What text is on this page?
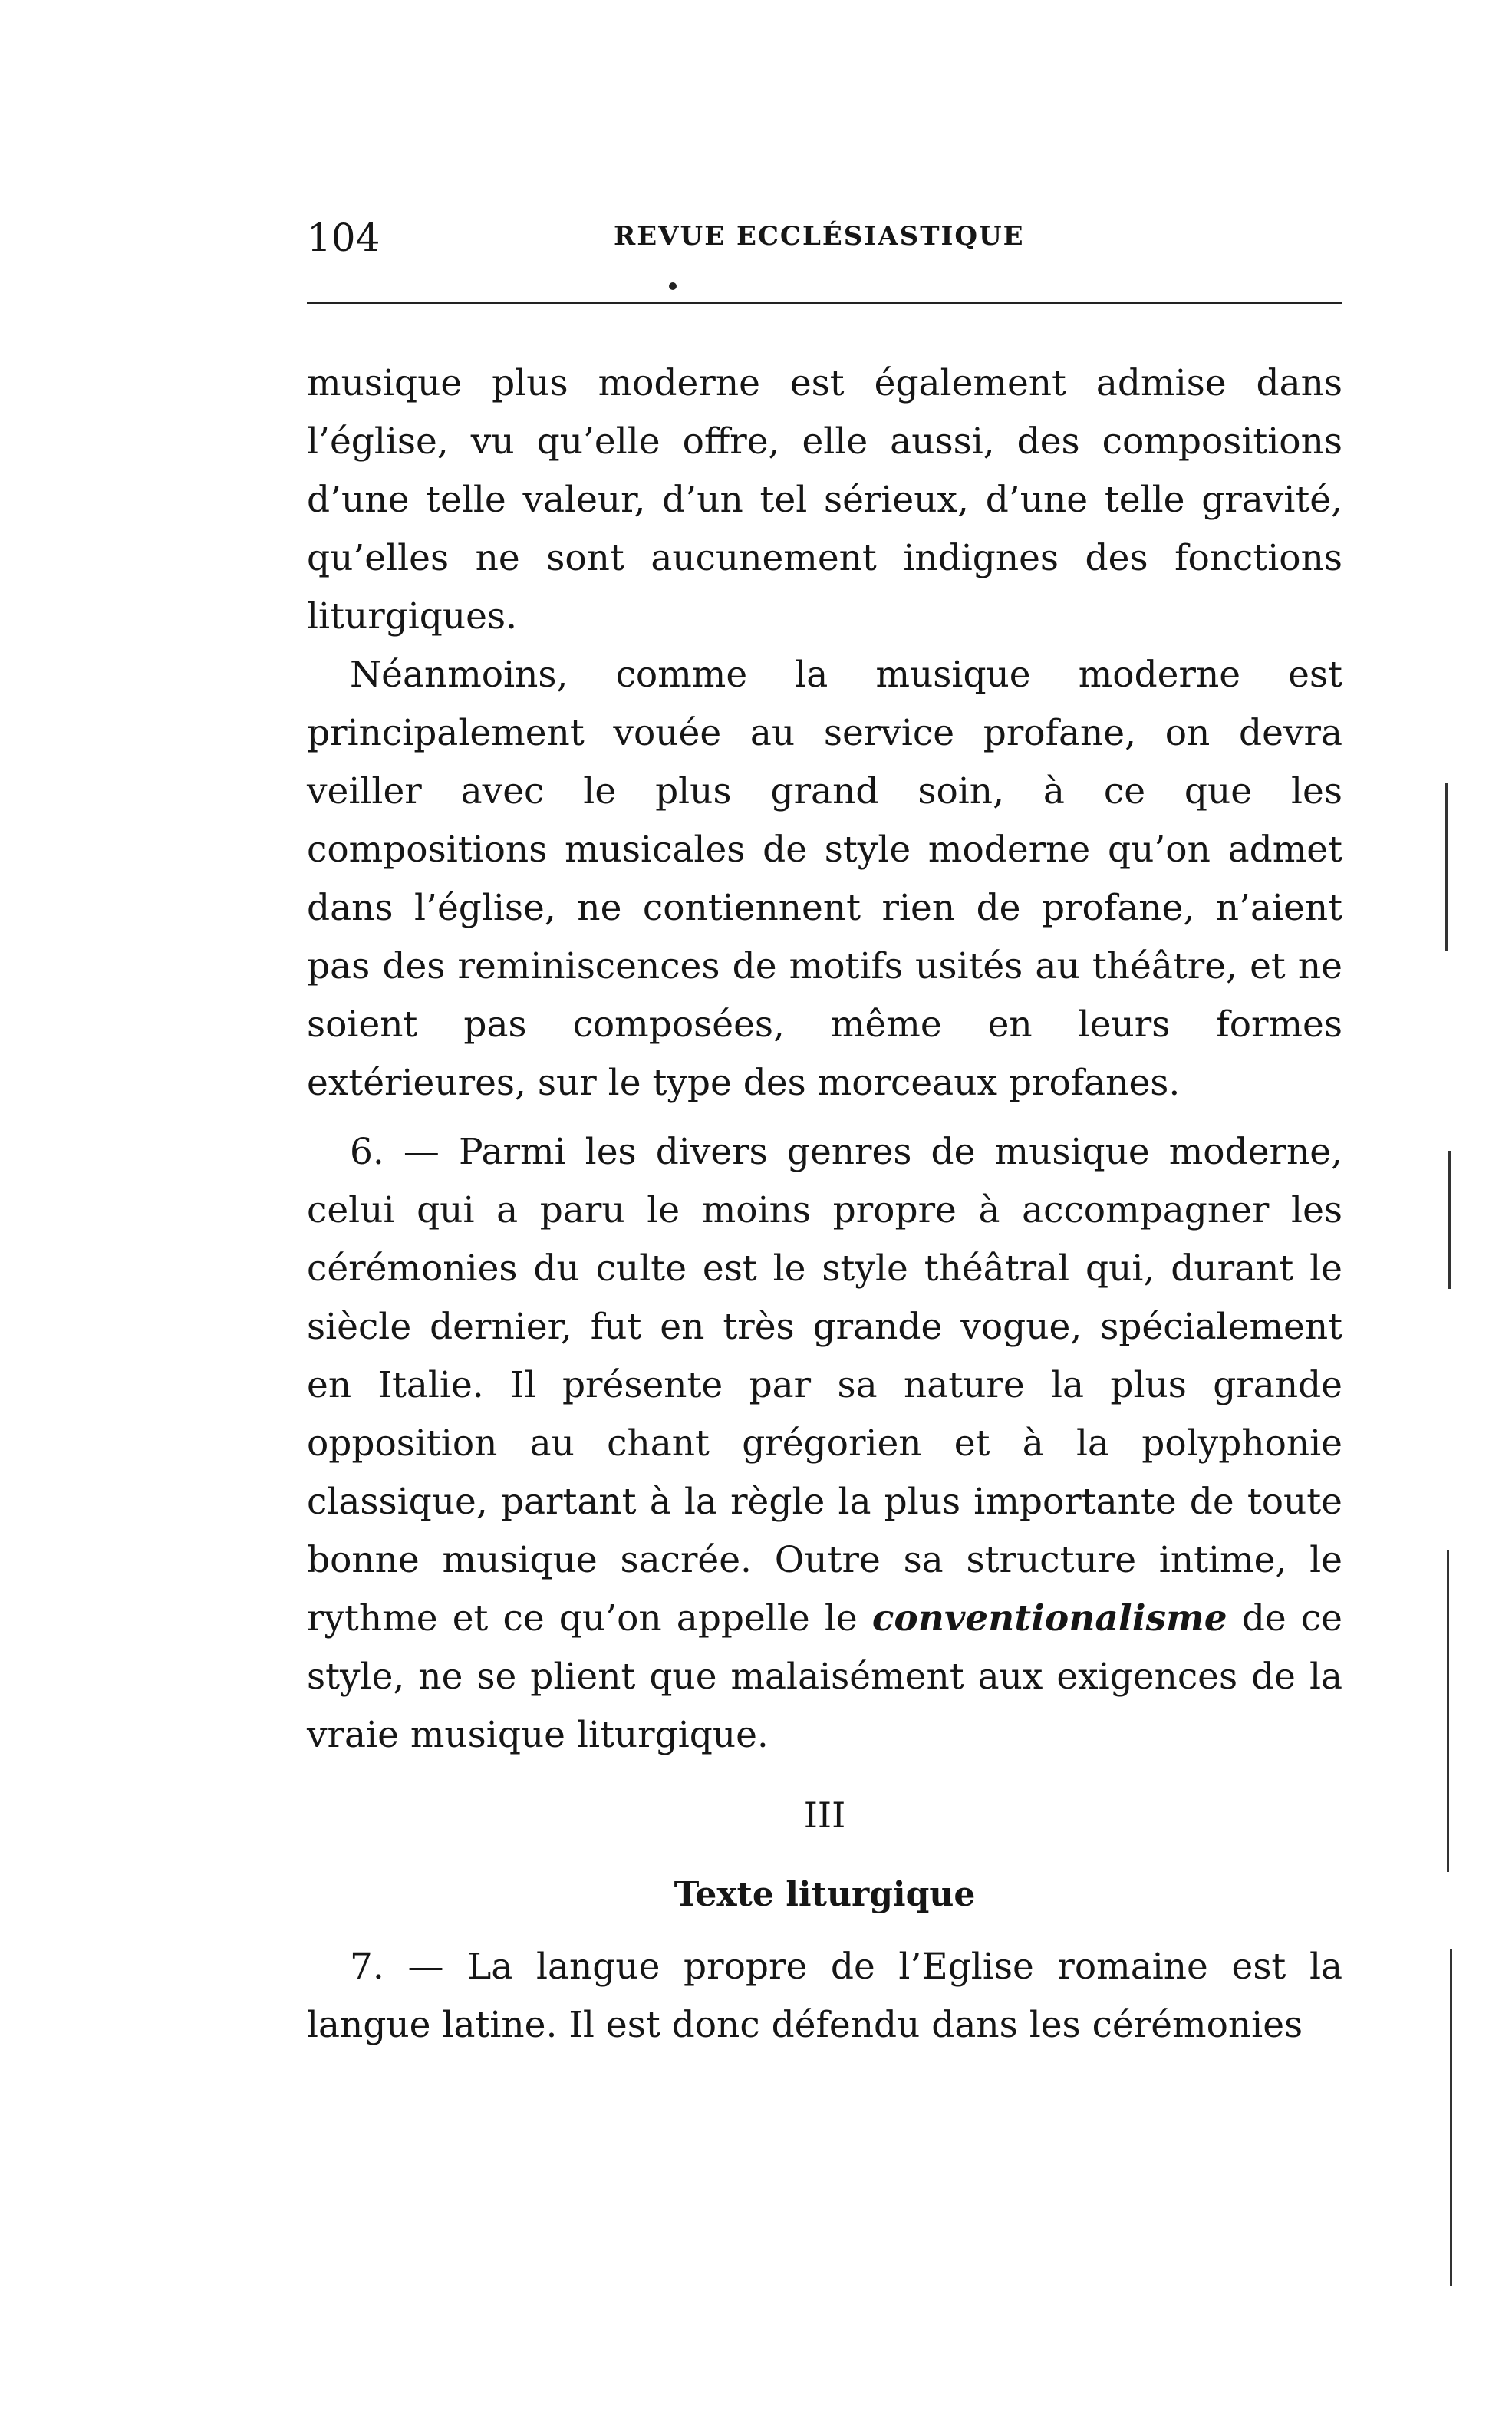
104	REVUE ECCLÉSIASTIQUE

musique plus moderne est également admise dans l’église, vu qu’elle offre, elle aussi, des compositions d’une telle valeur, d’un tel sérieux, d’une telle gravité, qu’elles ne sont aucunement indignes des fonctions liturgiques.

Néanmoins, comme la musique moderne est principalement vouée au service profane, on devra veiller avec le plus grand soin, à ce que les compositions musicales de style moderne qu’on admet dans l’église, ne contiennent rien de profane, n’aient pas des reminiscences de motifs usités au théâtre, et ne soient pas composées, même en leurs formes extérieures, sur le type des morceaux profanes.

6. — Parmi les divers genres de musique moderne, celui qui a paru le moins propre à accompagner les cérémonies du culte est le style théâtral qui, durant le siècle dernier, fut en très grande vogue, spécialement en Italie. Il présente par sa nature la plus grande opposition au chant grégorien et à la polyphonie classique, partant à la règle la plus importante de toute bonne musique sacrée. Outre sa structure intime, le rythme et ce qu’on appelle le conventionalisme de ce style, ne se plient que malaisément aux exigences de la vraie musique liturgique.

III
Texte liturgique

7. — La langue propre de l’Eglise romaine est la langue latine. Il est donc défendu dans les cérémonies
